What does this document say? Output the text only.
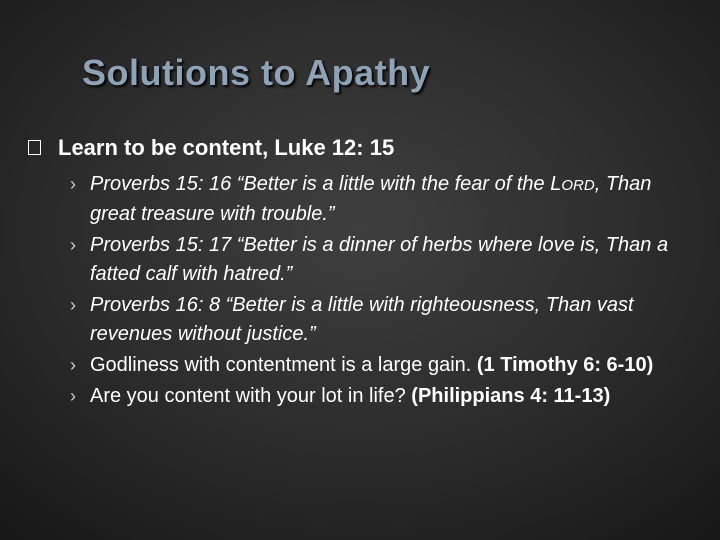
Solutions to Apathy
Learn to be content, Luke 12: 15
› Proverbs 15: 16 “Better is a little with the fear of the LORD, Than great treasure with trouble.”
› Proverbs 15: 17 “Better is a dinner of herbs where love is, Than a fatted calf with hatred.”
› Proverbs 16: 8 “Better is a little with righteousness, Than vast revenues without justice.”
› Godliness with contentment is a large gain. (1 Timothy 6: 6-10)
› Are you content with your lot in life? (Philippians 4: 11-13)
